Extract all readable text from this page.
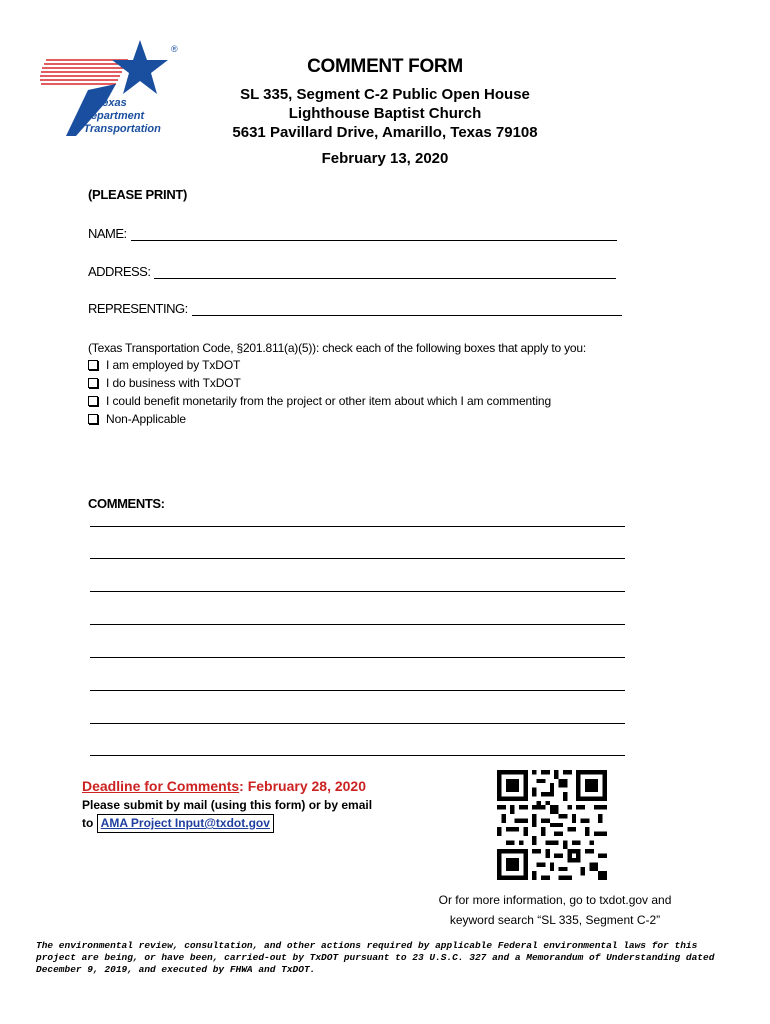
®
Texas
Department
of Transportation
COMMENT FORM
SL 335, Segment C-2 Public Open House
Lighthouse Baptist Church
5631 Pavillard Drive, Amarillo, Texas 79108
February 13, 2020
(PLEASE PRINT)
NAME:
ADDRESS:
REPRESENTING:
(Texas Transportation Code, §201.811(a)(5)): check each of the following boxes that apply to you:
I am employed by TxDOT
I do business with TxDOT
I could benefit monetarily from the project or other item about which I am commenting
Non-Applicable
COMMENTS:
Deadline for Comments: February 28, 2020
Please submit by mail (using this form) or by email
to AMA Project Input@txdot.gov
Or for more information, go to txdot.gov and
keyword search “SL 335, Segment C-2”
The environmental review, consultation, and other actions required by applicable Federal environmental laws for this project are being, or have been, carried-out by TxDOT pursuant to 23 U.S.C. 327 and a Memorandum of Understanding dated December 9, 2019, and executed by FHWA and TxDOT.
